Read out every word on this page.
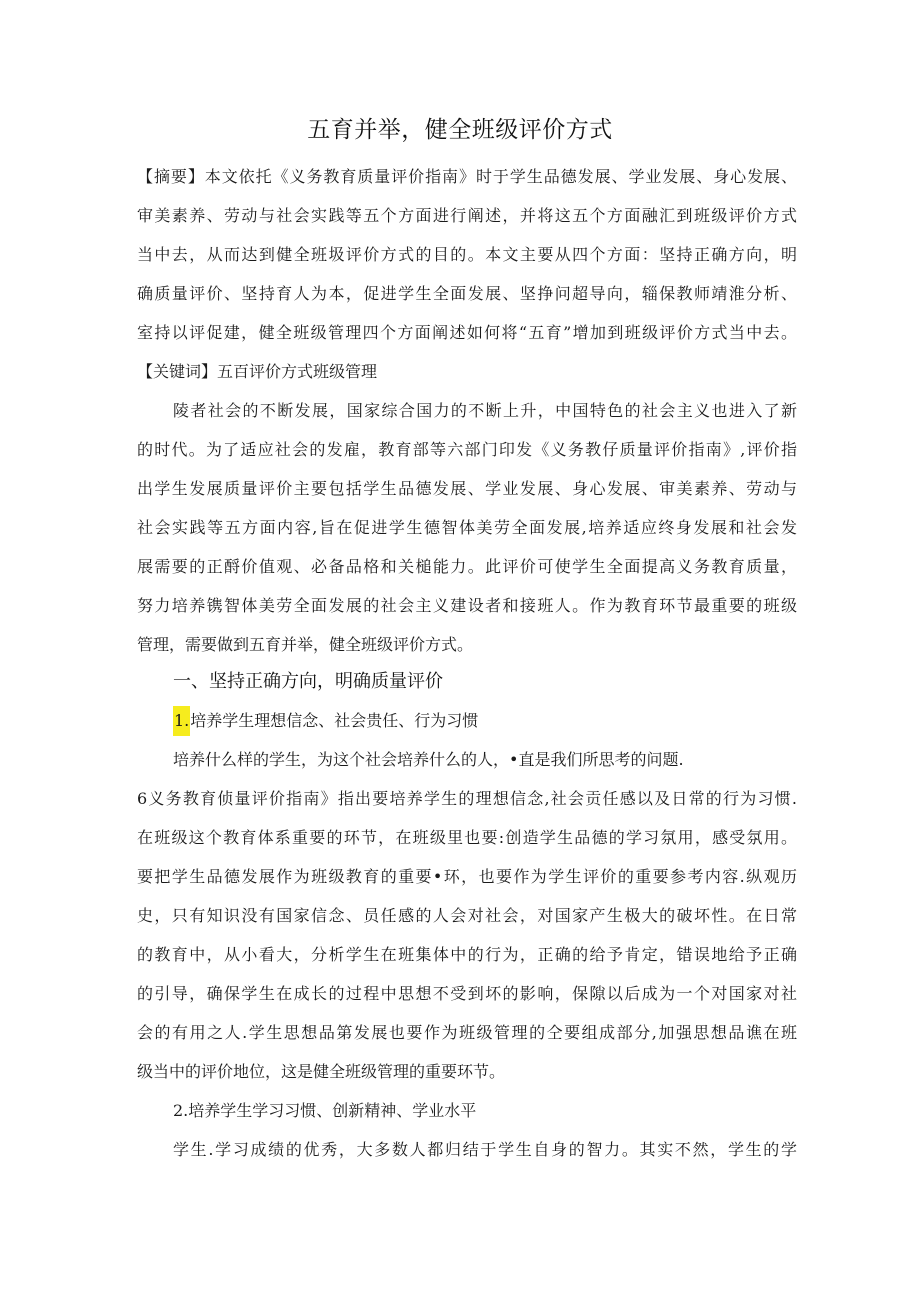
五育并举，健全班级评价方式
【摘要】本文依托《义务教育质量评价指南》时于学生品德发展、学业发展、身心发展、
审美素养、劳动与社会实践等五个方面进行阐述，并将这五个方面融汇到班级评价方式
当中去，从而达到健全班圾评价方式的目的。本文主要从四个方面：坚持正确方向，明
确质量评价、坚持育人为本，促进学生全面发展、坚挣问超导向，辎保教师靖淮分析、
室持以评促建，健全班级管理四个方面阐述如何将“五育”增加到班级评价方式当中去。
【关键词】五百评价方式班级管理
陵者社会的不断发展，国家综合国力的不断上升，中国特色的社会主义也进入了新
的时代。为了适应社会的发雇，教育部等六部门印发《义务教仔质量评价指南》,评价指
出学生发展质量评价主要包括学生品德发展、学业发展、身心发展、审美素养、劳动与
社会实践等五方面内容,旨在促进学生德智体美劳全面发展,培养适应终身发展和社会发
展需要的正酹价值观、必备品格和关槌能力。此评价可使学生全面提高义务教育质量，
努力培养镌智体美劳全面发展的社会主义建设者和接班人。作为教育环节最重要的班级
管理，需要做到五育并举，健全班级评价方式。
一、坚持正确方向，明确质量评价
1.培养学生理想信念、社会贵任、行为习惯
培养什么样的学生，为这个社会培养什么的人，•直是我们所思考的问题.
6义务教育侦量评价指南》指出要培养学生的理想信念,社会贡任感以及日常的行为习惯.
在班级这个教育体系重要的环节，在班级里也要:创造学生品德的学习氛用，感受氛用。
要把学生品德发展作为班级教育的重要•环，也要作为学生评价的重要参考内容.纵观历
史，只有知识没有国家信念、员任感的人会对社会，对国家产生极大的破坏性。在日常
的教育中，从小看大，分析学生在班集体中的行为，正确的给予肯定，错误地给予正确
的引导，确保学生在成长的过程中思想不受到坏的影响，保隙以后成为一个对国家对社
会的有用之人.学生思想品第发展也要作为班级管理的仝要组成部分,加强思想品谯在班
级当中的评价地位，这是健全班级管理的重要环节。
2.培养学生学习习惯、创新精神、学业水平
学生.学习成绩的优秀，大多数人都归结于学生自身的智力。其实不然，学生的学
